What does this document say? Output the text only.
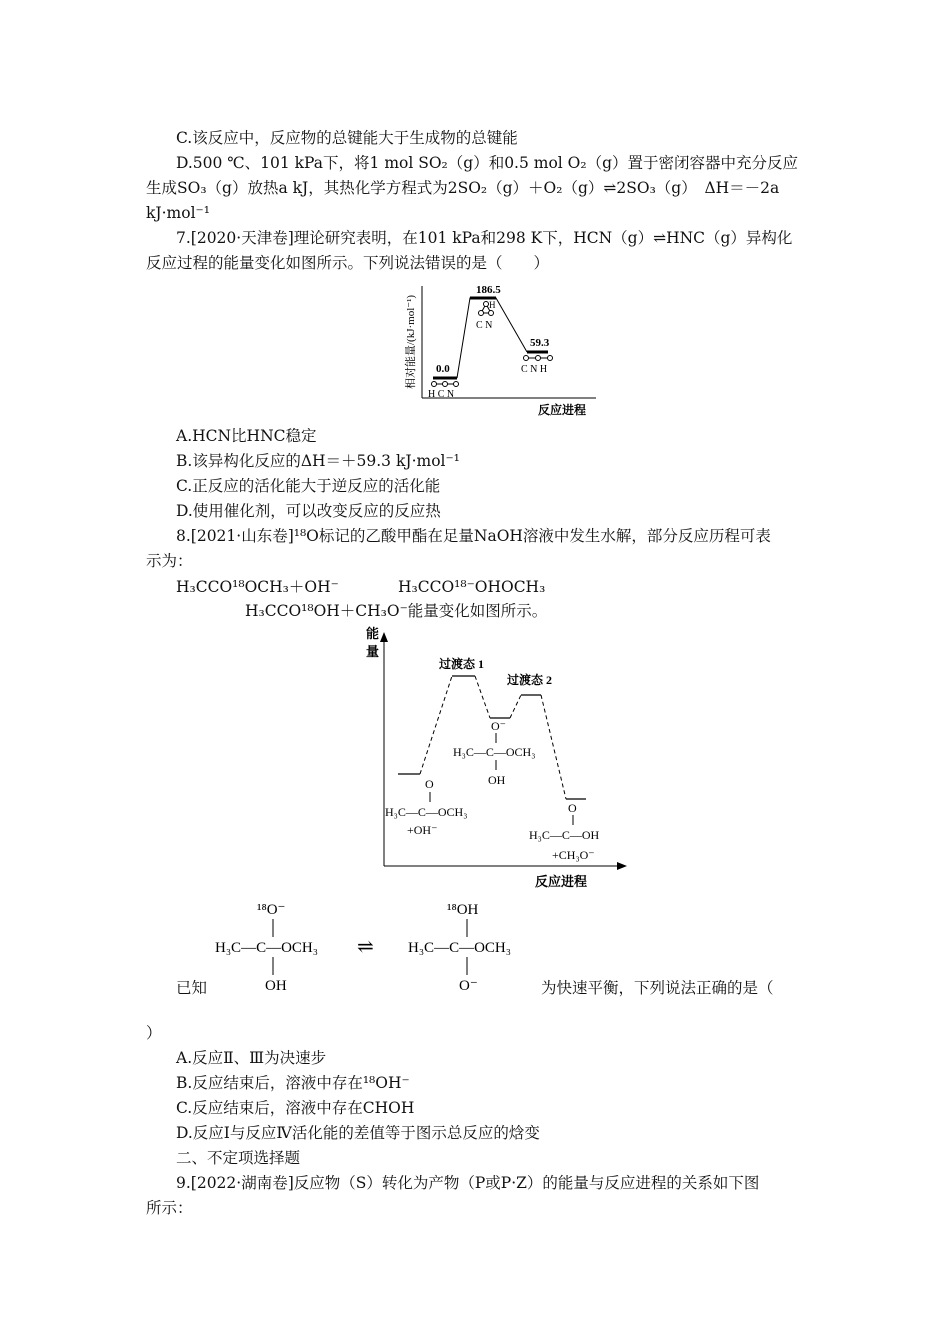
C.该反应中，反应物的总键能大于生成物的总键能
D.500 ℃、101 kPa下，将1 mol SO₂（g）和0.5 mol O₂（g）置于密闭容器中充分反应
生成SO₃（g）放热a kJ，其热化学方程式为2SO₂（g）＋O₂（g）⇌2SO₃（g）　ΔH＝－2a
kJ·mol⁻¹
7.[2020·天津卷]理论研究表明，在101 kPa和298 K下，HCN（g）⇌HNC（g）异构化
反应过程的能量变化如图所示。下列说法错误的是（　　）
相对能量/(kJ·mol⁻¹)
反应进程
0.0
186.5
59.3
H C N
H
C N
C N H
A.HCN比HNC稳定
B.该异构化反应的ΔH＝＋59.3 kJ·mol⁻¹
C.正反应的活化能大于逆反应的活化能
D.使用催化剂，可以改变反应的反应热
8.[2021·山东卷]¹⁸O标记的乙酸甲酯在足量NaOH溶液中发生水解，部分反应历程可表
示为：
H₃CCO¹⁸OCH₃＋OH⁻	H₃CCO¹⁸⁻OHOCH₃
H₃CCO¹⁸OH＋CH₃O⁻能量变化如图所示。
能
量
反应进程
过渡态 1
过渡态 2
O
H₃C—C—OCH₃
+OH⁻
O⁻
H₃C—C—OCH₃
OH
O
H₃C—C—OH
+CH₃O⁻
¹⁸O⁻
H₃C—C—OCH₃
OH
⇌
¹⁸OH
H₃C—C—OCH₃
O⁻
已知	为快速平衡，下列说法正确的是（
）
A.反应Ⅱ、Ⅲ为决速步
B.反应结束后，溶液中存在¹⁸OH⁻
C.反应结束后，溶液中存在CHOH
D.反应Ⅰ与反应Ⅳ活化能的差值等于图示总反应的焓变
二、不定项选择题
9.[2022·湖南卷]反应物（S）转化为产物（P或P·Z）的能量与反应进程的关系如下图
所示：
